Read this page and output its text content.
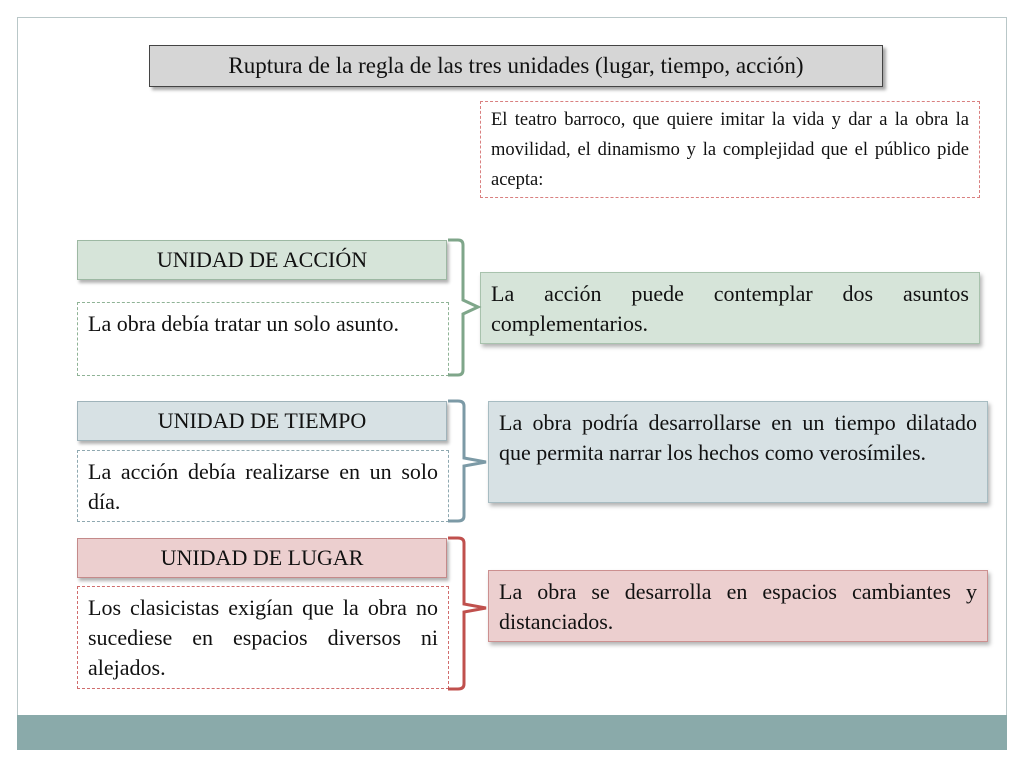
Ruptura de la regla de las tres unidades (lugar, tiempo, acción)
El teatro barroco, que quiere imitar la vida y dar a la obra la movilidad, el dinamismo y la complejidad que el público pide acepta:
UNIDAD DE ACCIÓN
La obra debía tratar un solo asunto.
La acción puede contemplar dos asuntos complementarios.
UNIDAD DE TIEMPO
La acción debía realizarse en un solo día.
La obra podría desarrollarse en un tiempo dilatado que permita narrar los hechos como verosímiles.
UNIDAD DE LUGAR
Los clasicistas exigían que la obra no sucediese en espacios diversos ni alejados.
La obra se desarrolla en espacios cambiantes y distanciados.
